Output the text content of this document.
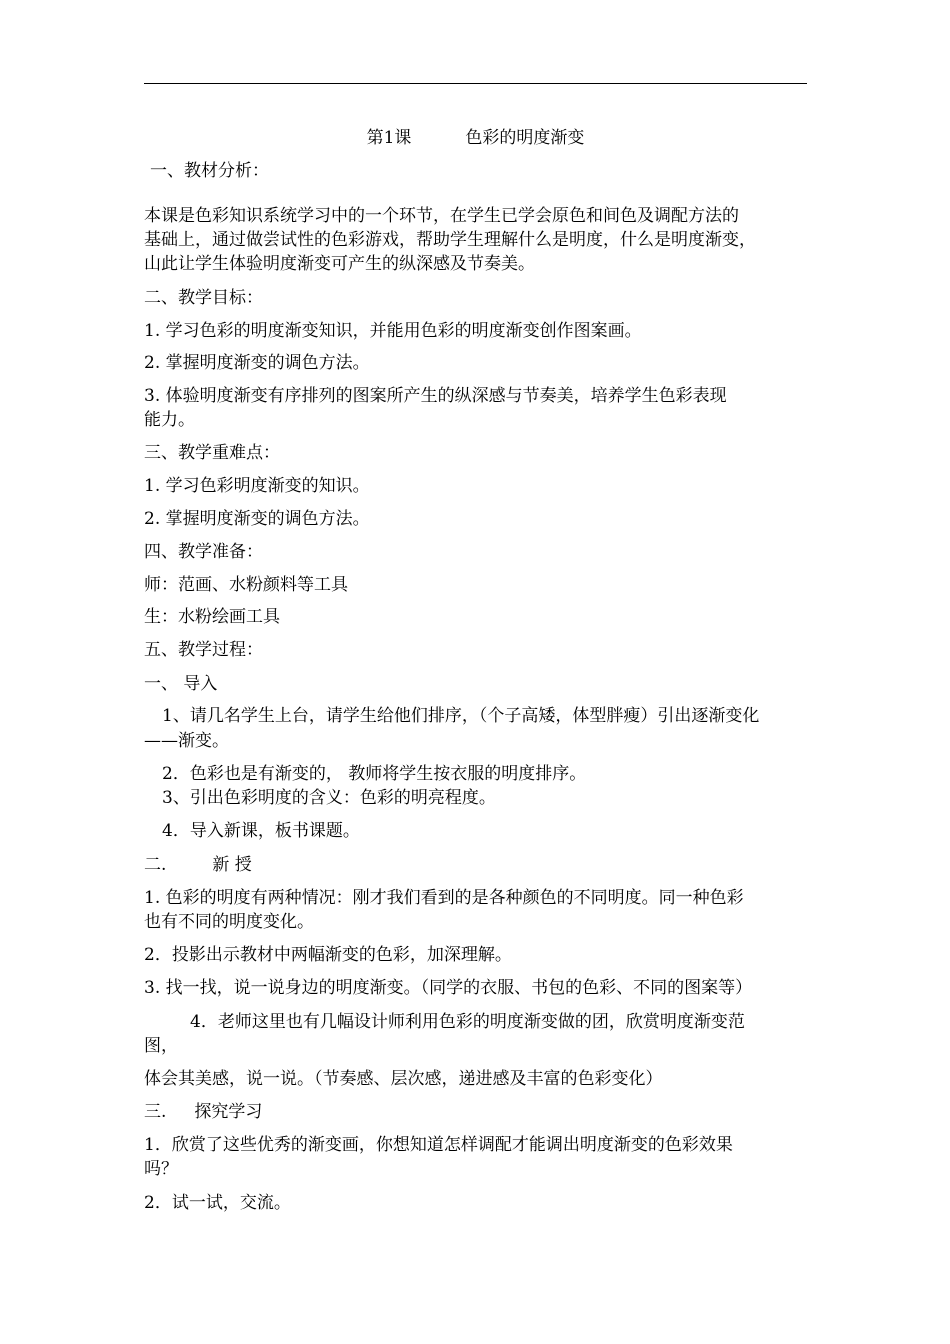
第1课	色彩的明度渐变
一、教材分析：
本课是色彩知识系统学习中的一个环节，在学生已学会原色和间色及调配方法的
基础上，通过做尝试性的色彩游戏，帮助学生理解什么是明度，什么是明度渐变，
山此让学生体验明度渐变可产生的纵深感及节奏美。
二、教学目标：
1. 学习色彩的明度渐变知识，并能用色彩的明度渐变创作图案画。
2. 掌握明度渐变的调色方法。
3. 体验明度渐变有序排列的图案所产生的纵深感与节奏美，培养学生色彩表现
能力。
三、教学重难点：
1. 学习色彩明度渐变的知识。
2. 掌握明度渐变的调色方法。
四、教学准备：
师：范画、水粉颜料等工具
生：水粉绘画工具
五、教学过程：
一、 导入
1、请几名学生上台，请学生给他们排序，（个子高矮，体型胖瘦）引出逐渐变化
——渐变。
2．色彩也是有渐变的， 教师将学生按衣服的明度排序。
3、引出色彩明度的含义：色彩的明亮程度。
4．导入新课，板书课题。
二.	新 授
1. 色彩的明度有两种情况：刚才我们看到的是各种颜色的不同明度。同一种色彩
也有不同的明度变化。
2．投影出示教材中两幅渐变的色彩，加深理解。
3. 找一找，说一说身边的明度渐变。（同学的衣服、书包的色彩、不同的图案等）
4．老师这里也有几幅设计师利用色彩的明度渐变做的团，欣赏明度渐变范
图，
体会其美感，说一说。（节奏感、层次感，递进感及丰富的色彩变化）
三. 探究学习
1．欣赏了这些优秀的渐变画，你想知道怎样调配才能调出明度渐变的色彩效果
吗？
2．试一试，交流。
